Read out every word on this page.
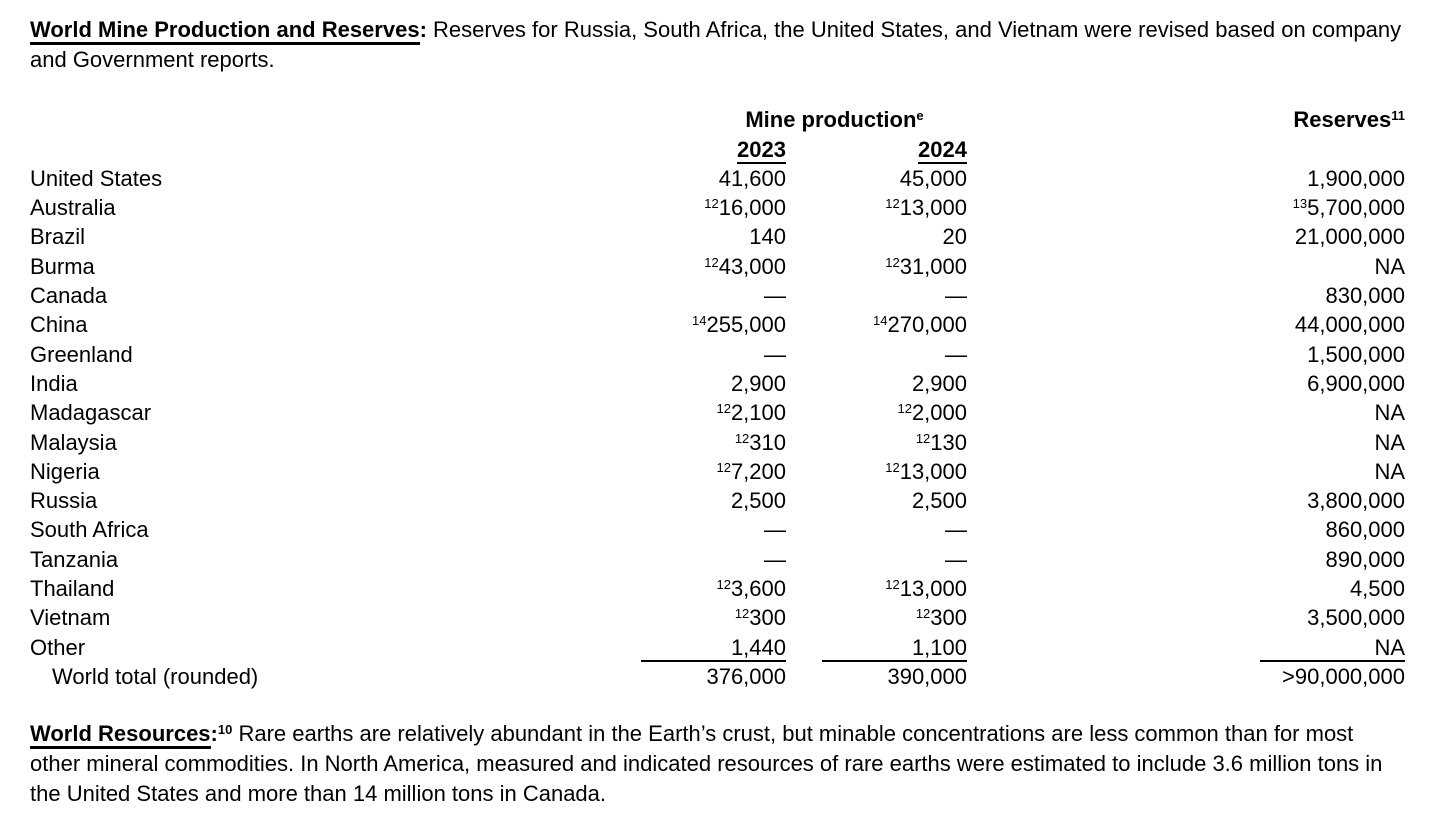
World Mine Production and Reserves: Reserves for Russia, South Africa, the United States, and Vietnam were revised based on company and Government reports.

Mine production$^e$	Reserves$^{11}$
2023	2024
United States	41,600	45,000	1,900,000
Australia	$^{12}$16,000	$^{12}$13,000	$^{13}$5,700,000
Brazil	140	20	21,000,000
Burma	$^{12}$43,000	$^{12}$31,000	NA
Canada	—	—	830,000
China	$^{14}$255,000	$^{14}$270,000	44,000,000
Greenland	—	—	1,500,000
India	2,900	2,900	6,900,000
Madagascar	$^{12}$2,100	$^{12}$2,000	NA
Malaysia	$^{12}$310	$^{12}$130	NA
Nigeria	$^{12}$7,200	$^{12}$13,000	NA
Russia	2,500	2,500	3,800,000
South Africa	—	—	860,000
Tanzania	—	—	890,000
Thailand	$^{12}$3,600	$^{12}$13,000	4,500
Vietnam	$^{12}$300	$^{12}$300	3,500,000
Other	1,440	1,100	NA
World total (rounded)	376,000	390,000	>90,000,000

World Resources:$^{10}$ Rare earths are relatively abundant in the Earth’s crust, but minable concentrations are less common than for most other mineral commodities. In North America, measured and indicated resources of rare earths were estimated to include 3.6 million tons in the United States and more than 14 million tons in Canada.
